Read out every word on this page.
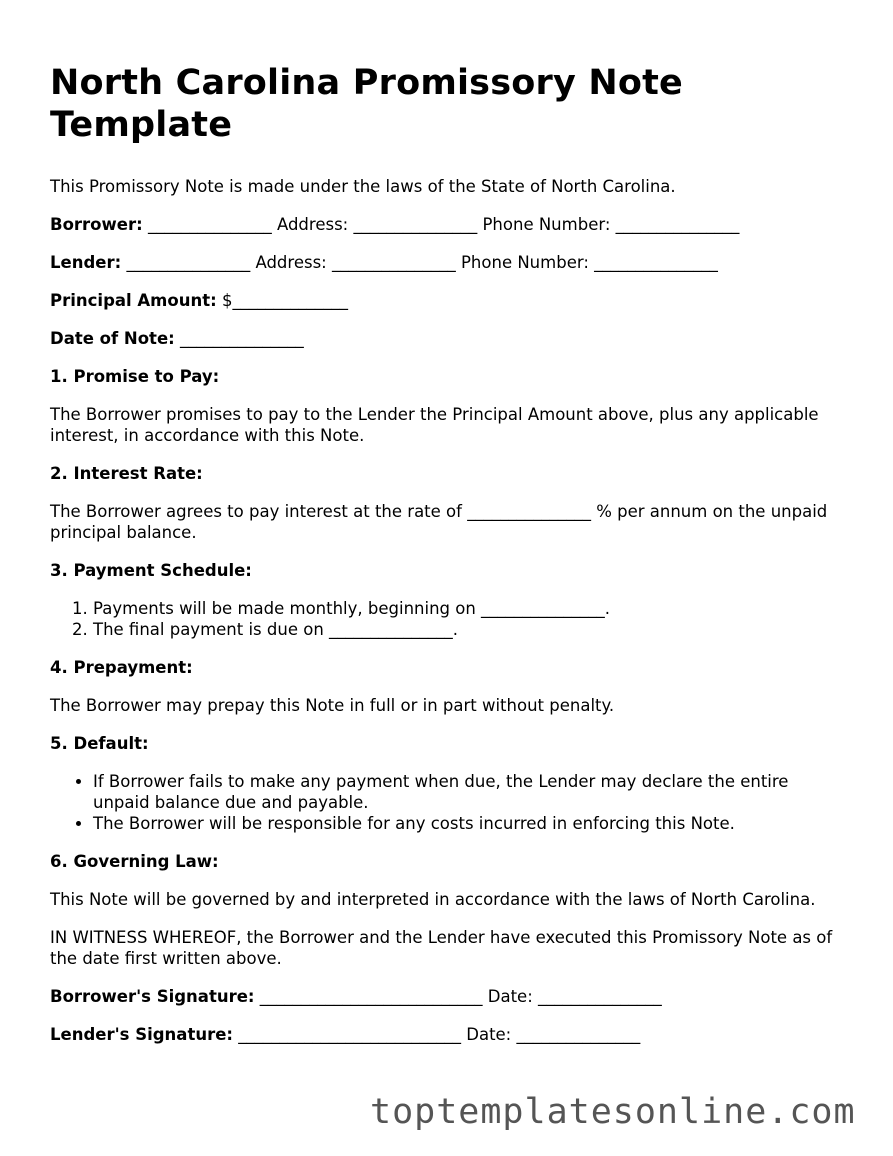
North Carolina Promissory Note Template

This Promissory Note is made under the laws of the State of North Carolina.

Borrower: _______________ Address: _______________ Phone Number: _______________

Lender: _______________ Address: _______________ Phone Number: _______________

Principal Amount: $______________

Date of Note: _______________

1. Promise to Pay:

The Borrower promises to pay to the Lender the Principal Amount above, plus any applicable interest, in accordance with this Note.

2. Interest Rate:

The Borrower agrees to pay interest at the rate of _______________ % per annum on the unpaid principal balance.

3. Payment Schedule:
1. Payments will be made monthly, beginning on _______________.
2. The final payment is due on _______________.
4. Prepayment:

The Borrower may prepay this Note in full or in part without penalty.

5. Default:
• If Borrower fails to make any payment when due, the Lender may declare the entire unpaid balance due and payable.
• The Borrower will be responsible for any costs incurred in enforcing this Note.
6. Governing Law:

This Note will be governed by and interpreted in accordance with the laws of North Carolina.

IN WITNESS WHEREOF, the Borrower and the Lender have executed this Promissory Note as of the date first written above.

Borrower's Signature: ___________________________ Date: _______________

Lender's Signature: ___________________________ Date: _______________

toptemplatesonline.com
